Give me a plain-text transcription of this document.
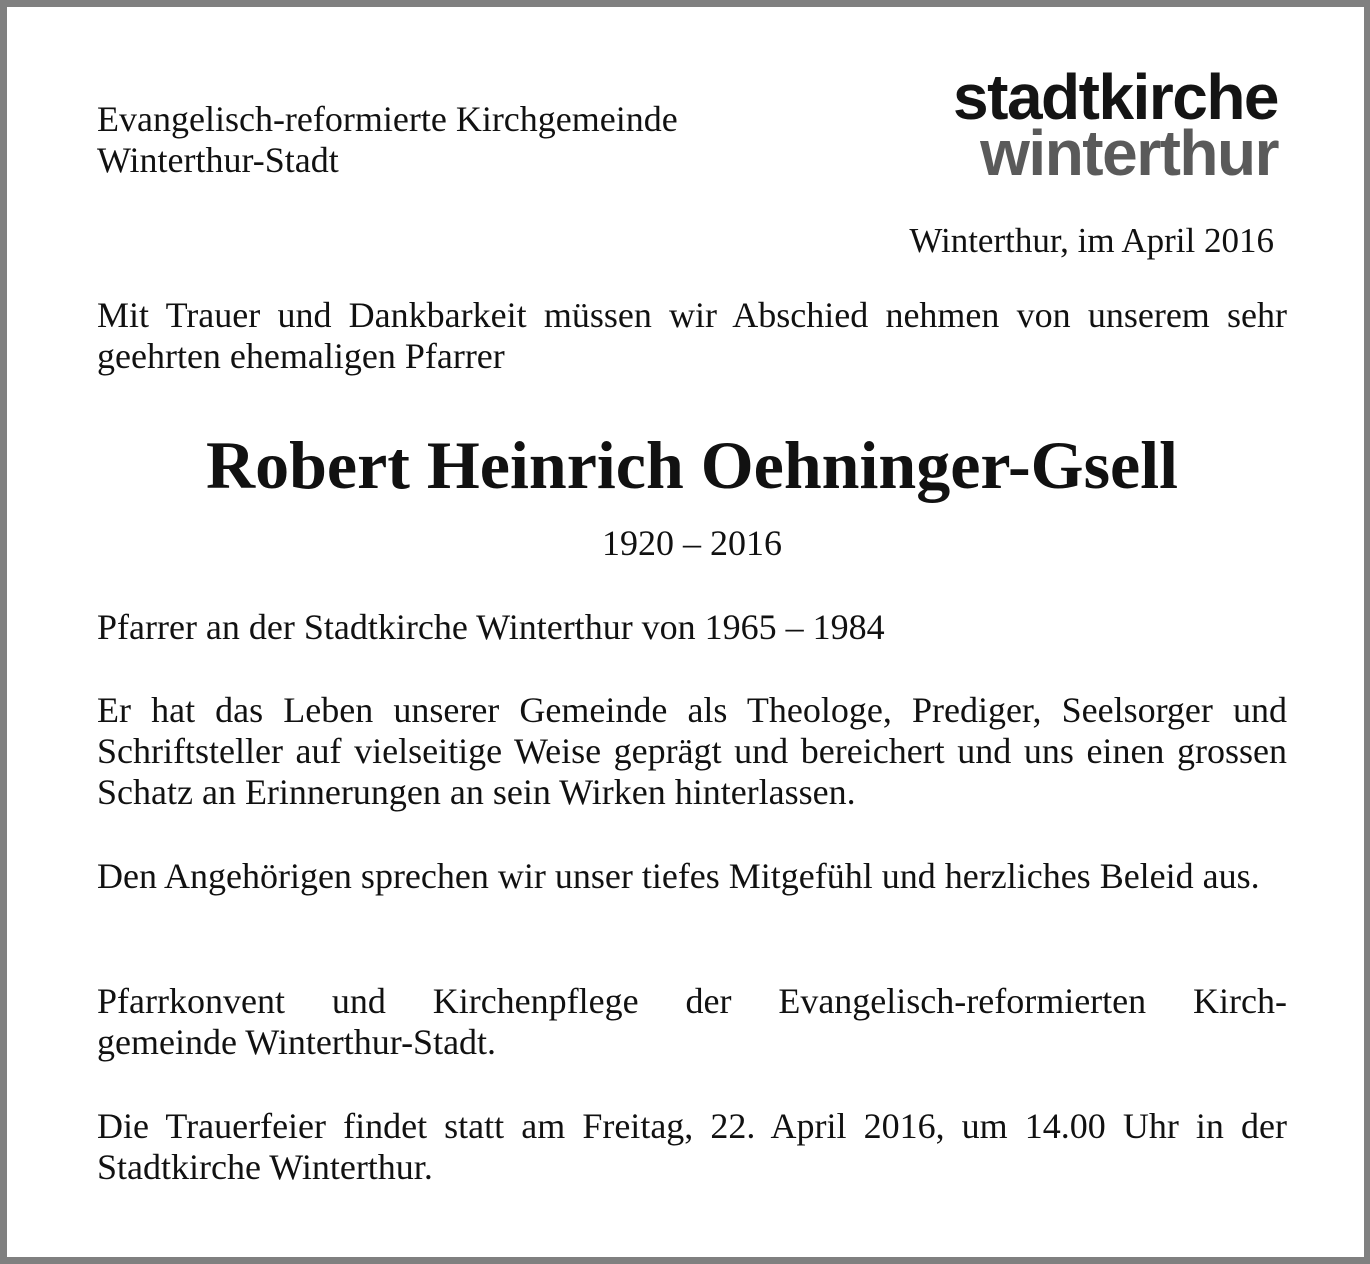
Evangelisch-reformierte Kirchgemeinde
Winterthur-Stadt
stadtkirche
winterthur
Winterthur, im April 2016

Mit Trauer und Dankbarkeit müssen wir Abschied nehmen von unserem sehr geehrten ehemaligen Pfarrer

Robert Heinrich Oehninger-Gsell
1920 – 2016

Pfarrer an der Stadtkirche Winterthur von 1965 – 1984

Er hat das Leben unserer Gemeinde als Theologe, Prediger, Seelsorger und Schriftsteller auf vielseitige Weise geprägt und bereichert und uns einen grossen Schatz an Erinnerungen an sein Wirken hinterlassen.

Den Angehörigen sprechen wir unser tiefes Mitgefühl und herzliches Beleid aus.

Pfarrkonvent und Kirchenpflege der Evangelisch-reformierten Kirch-
gemeinde Winterthur-Stadt.

Die Trauerfeier findet statt am Freitag, 22. April 2016, um 14.00 Uhr in der Stadtkirche Winterthur.
